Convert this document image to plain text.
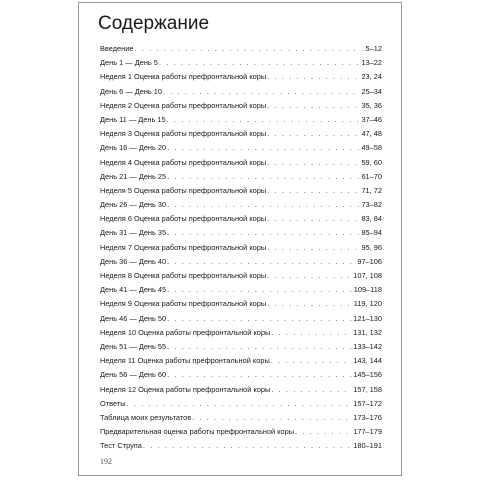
Содержание
Введение . . .	5–12
День 1 — День 5 . . .	13–22
Неделя 1 Оценка работы префронтальной коры . . .	23, 24
День 6 — День 10 . . .	25–34
Неделя 2 Оценка работы префронтальной коры . . .	35, 36
День 11 — День 15 . . .	37–46
Неделя 3 Оценка работы префронтальной коры . . .	47, 48
День 16 — День 20 . . .	49–58
Неделя 4 Оценка работы префронтальной коры . . .	59, 60
День 21 — День 25 . . .	61–70
Неделя 5 Оценка работы префронтальной коры . . .	71, 72
День 26 — День 30 . . .	73–82
Неделя 6 Оценка работы префронтальной коры . . .	83, 84
День 31 — День 35 . . .	85–94
Неделя 7 Оценка работы префронтальной коры . . .	95, 96
День 36 — День 40 . . .	97–106
Неделя 8 Оценка работы префронтальной коры . . .	107, 108
День 41 — День 45 . . .	109–118
Неделя 9 Оценка работы префронтальной коры . . .	119, 120
День 46 — День 50 . . .	121–130
Неделя 10 Оценка работы префронтальной коры . . .	131, 132
День 51 — День 55 . . .	133–142
Неделя 11 Оценка работы префронтальной коры . . .	143, 144
День 56 — День 60 . . .	145–156
Неделя 12 Оценка работы префронтальной коры . . .	157, 158
Ответы . . .	157–172
Таблица моих результатов . . .	173–176
Предварительная оценка работы префронтальной коры . . .	177–179
Тест Струпа . . .	180–191

192
